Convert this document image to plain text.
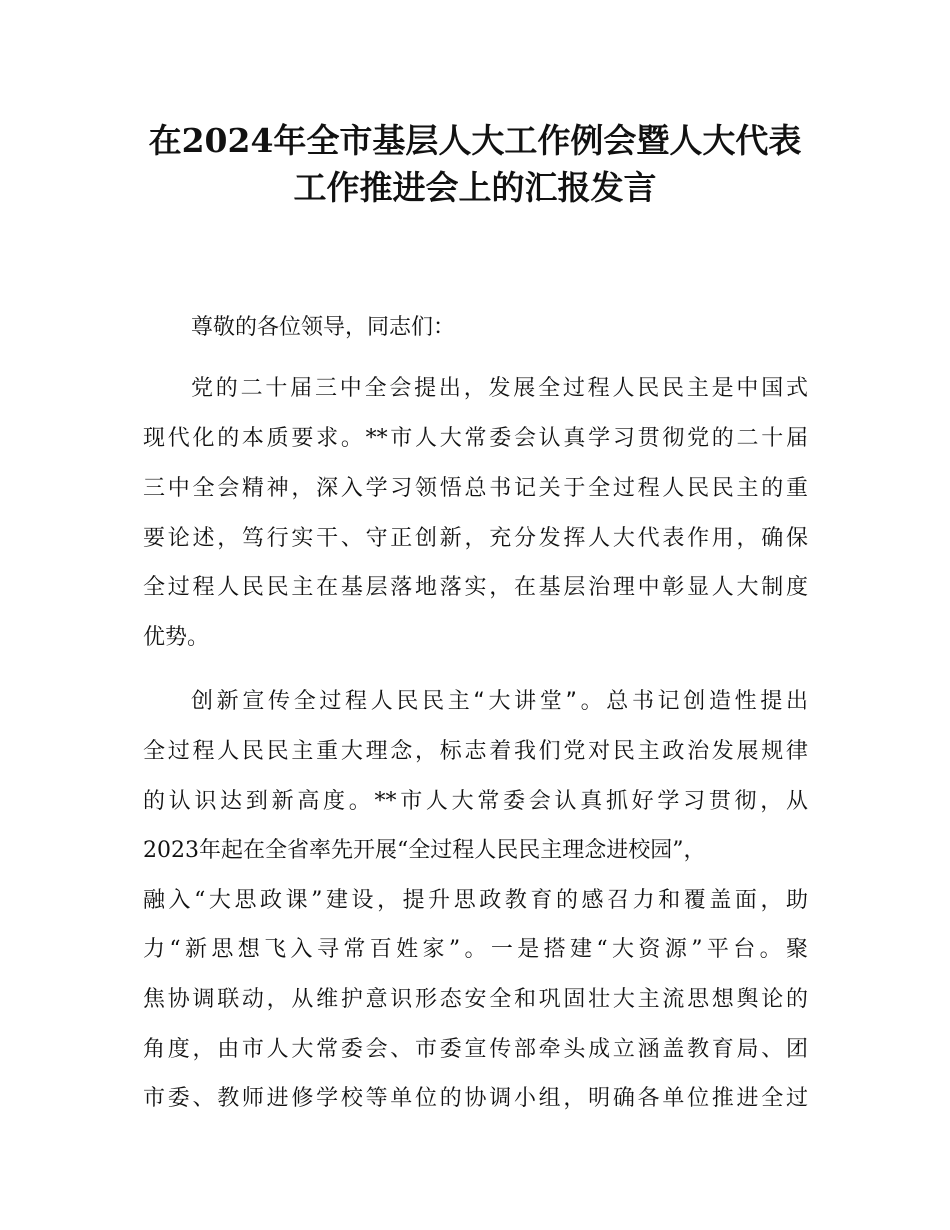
在2024年全市基层人大工作例会暨人大代表
工作推进会上的汇报发言

尊敬的各位领导，同志们：

党的二十届三中全会提出，发展全过程人民民主是中国式

现代化的本质要求。**市人大常委会认真学习贯彻党的二十届

三中全会精神，深入学习领悟总书记关于全过程人民民主的重

要论述，笃行实干、守正创新，充分发挥人大代表作用，确保

全过程人民民主在基层落地落实，在基层治理中彰显人大制度

优势。

创新宣传全过程人民民主“大讲堂”。总书记创造性提出

全过程人民民主重大理念，标志着我们党对民主政治发展规律

的认识达到新高度。**市人大常委会认真抓好学习贯彻，从

2023年起在全省率先开展“全过程人民民主理念进校园”，

融入“大思政课”建设，提升思政教育的感召力和覆盖面，助

力“新思想飞入寻常百姓家”。一是搭建“大资源”平台。聚

焦协调联动，从维护意识形态安全和巩固壮大主流思想舆论的

角度，由市人大常委会、市委宣传部牵头成立涵盖教育局、团

市委、教师进修学校等单位的协调小组，明确各单位推进全过
